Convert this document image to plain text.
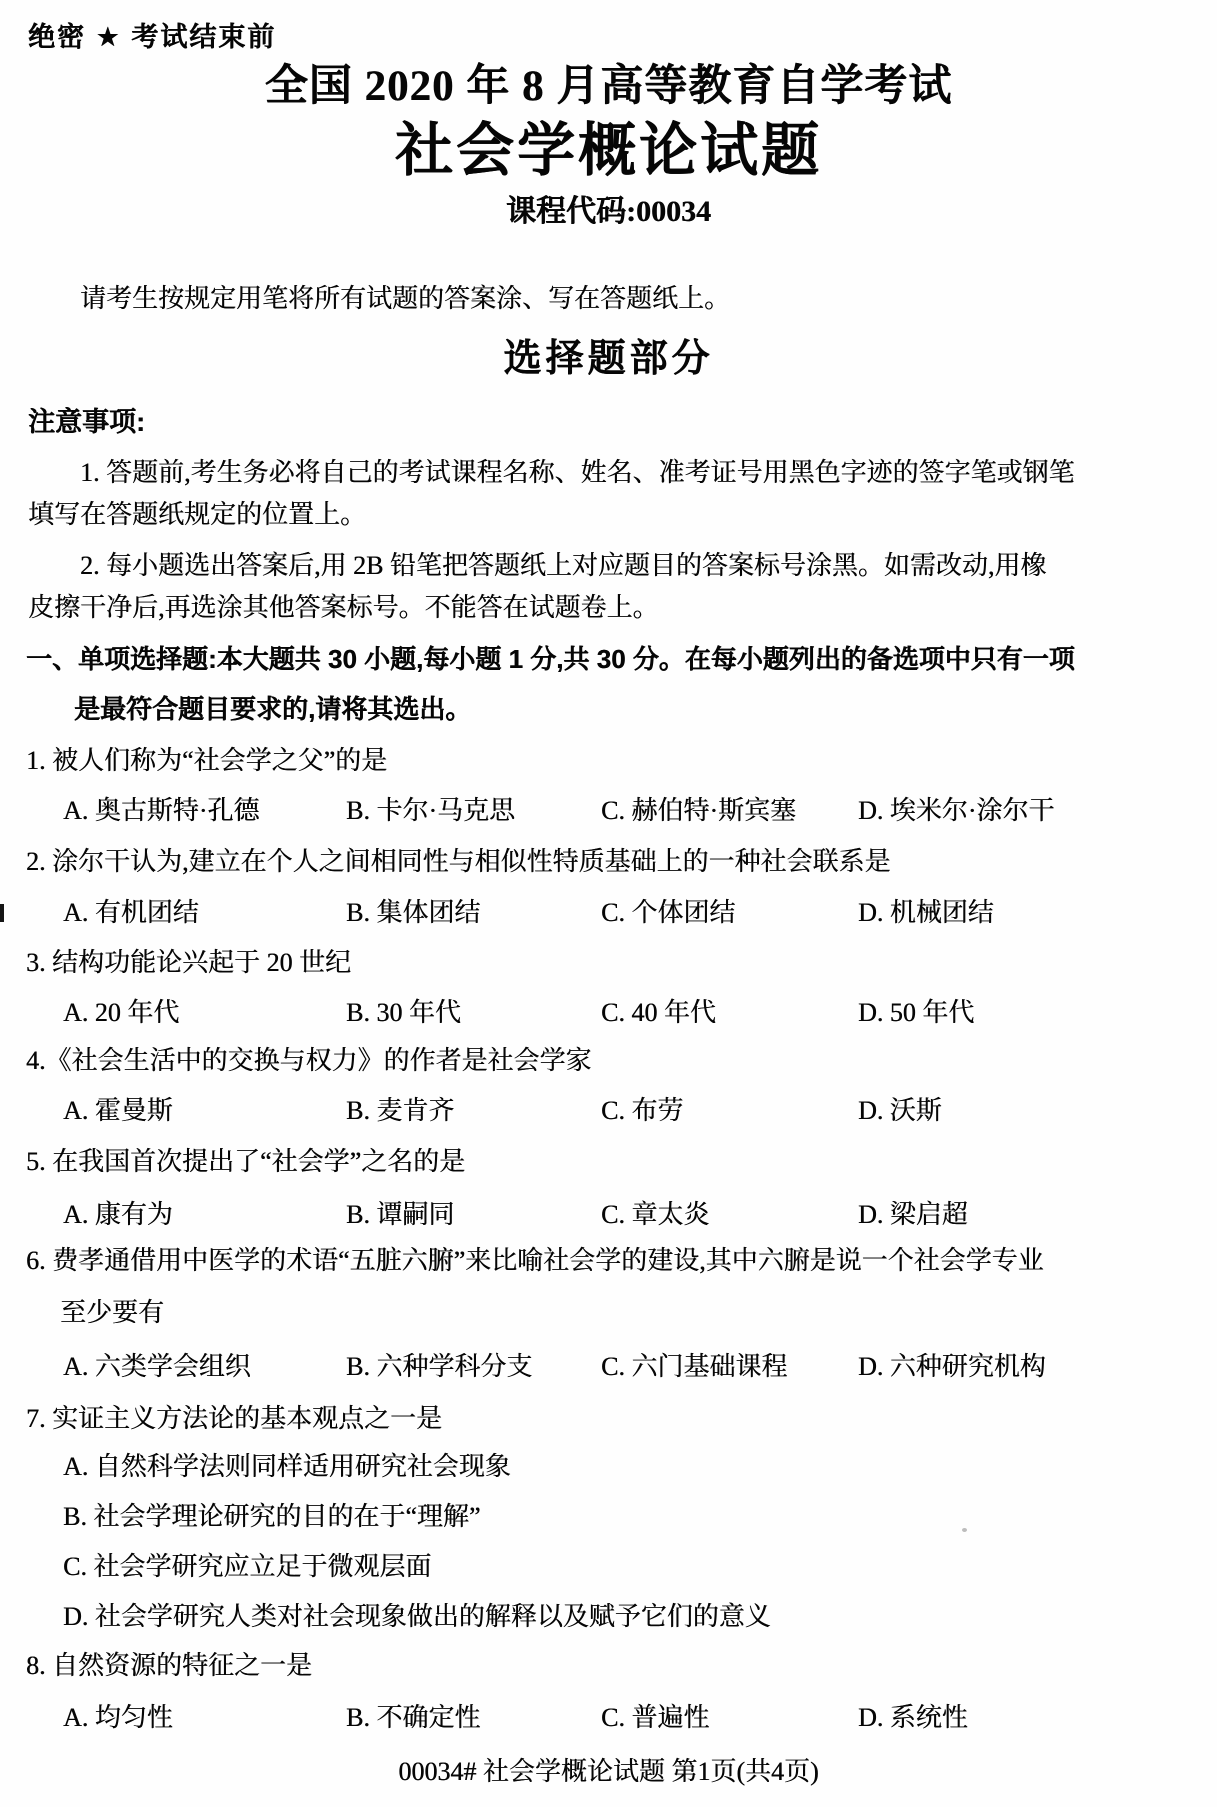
绝密 ★ 考试结束前
全国 2020 年 8 月高等教育自学考试
社会学概论试题
课程代码:00034
请考生按规定用笔将所有试题的答案涂、写在答题纸上。
选择题部分
注意事项:
1. 答题前,考生务必将自己的考试课程名称、姓名、准考证号用黑色字迹的签字笔或钢笔
填写在答题纸规定的位置上。
2. 每小题选出答案后,用 2B 铅笔把答题纸上对应题目的答案标号涂黑。如需改动,用橡
皮擦干净后,再选涂其他答案标号。不能答在试题卷上。
一、单项选择题:本大题共 30 小题,每小题 1 分,共 30 分。在每小题列出的备选项中只有一项
是最符合题目要求的,请将其选出。
1. 被人们称为“社会学之父”的是
A. 奥古斯特·孔德	B. 卡尔·马克思	C. 赫伯特·斯宾塞 D. 埃米尔·涂尔干
2. 涂尔干认为,建立在个人之间相同性与相似性特质基础上的一种社会联系是
A. 有机团结	B. 集体团结	C. 个体团结	D. 机械团结
3. 结构功能论兴起于 20 世纪
A. 20 年代	B. 30 年代	C. 40 年代	D. 50 年代
4.《社会生活中的交换与权力》的作者是社会学家
A. 霍曼斯	B. 麦肯齐	C. 布劳	D. 沃斯
5. 在我国首次提出了“社会学”之名的是
A. 康有为	B. 谭嗣同	C. 章太炎	D. 梁启超
6. 费孝通借用中医学的术语“五脏六腑”来比喻社会学的建设,其中六腑是说一个社会学专业
至少要有
A. 六类学会组织	B. 六种学科分支	C. 六门基础课程	D. 六种研究机构
7. 实证主义方法论的基本观点之一是
A. 自然科学法则同样适用研究社会现象
B. 社会学理论研究的目的在于“理解”
C. 社会学研究应立足于微观层面
D. 社会学研究人类对社会现象做出的解释以及赋予它们的意义
8. 自然资源的特征之一是
A. 均匀性	B. 不确定性	C. 普遍性	D. 系统性
00034# 社会学概论试题 第1页(共4页)
